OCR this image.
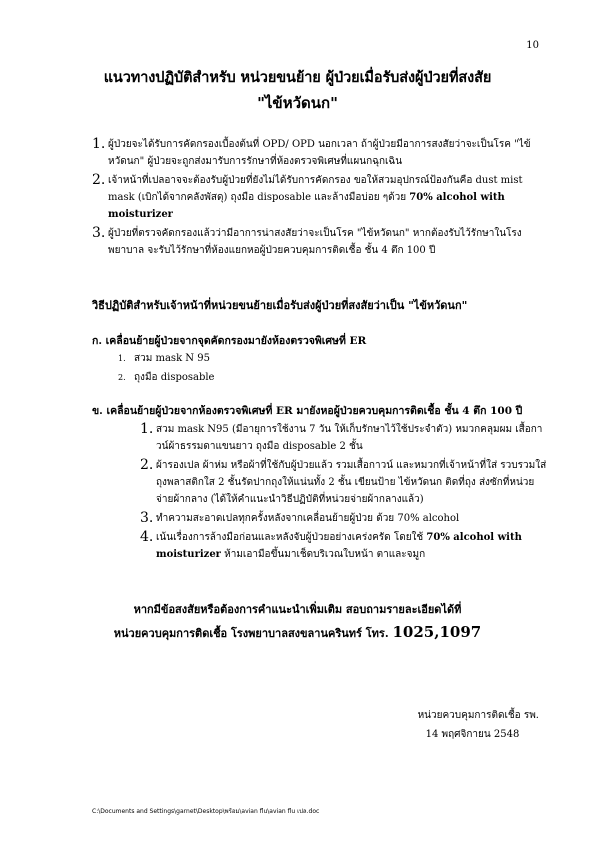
10
แนวทางปฏิบัติสำหรับ หน่วยขนย้าย ผู้ป่วยเมื่อรับส่งผู้ป่วยที่สงสัย
"ไข้หวัดนก"
1. ผู้ป่วยจะได้รับการคัดกรองเบื้องต้นที่ OPD/ OPD นอกเวลา ถ้าผู้ป่วยมีอาการสงสัยว่าจะเป็นโรค "ไข้หวัดนก" ผู้ป่วยจะถูกส่งมารับการรักษาที่ห้องตรวจพิเศษที่แผนกฉุกเฉิน
2. เจ้าหน้าที่เปลอาจจะต้องรับผู้ป่วยที่ยังไม่ได้รับการคัดกรอง ขอให้สวมอุปกรณ์ป้องกันคือ dust mist mask (เบิกได้จากคลังพัสดุ) ถุงมือ disposable และล้างมือบ่อย ๆด้วย 70% alcohol with moisturizer
3. ผู้ป่วยที่ตรวจคัดกรองแล้วว่ามีอาการน่าสงสัยว่าจะเป็นโรค "ไข้หวัดนก" หากต้องรับไว้รักษาในโรงพยาบาล จะรับไว้รักษาที่ห้องแยกหอผู้ป่วยควบคุมการติดเชื้อ ชั้น 4 ตึก 100 ปี
วิธีปฏิบัติสำหรับเจ้าหน้าที่หน่วยขนย้ายเมื่อรับส่งผู้ป่วยที่สงสัยว่าเป็น "ไข้หวัดนก"
ก. เคลื่อนย้ายผู้ป่วยจากจุดคัดกรองมายังห้องตรวจพิเศษที่ ER
1. สวม mask N 95
2. ถุงมือ disposable
ข. เคลื่อนย้ายผู้ป่วยจากห้องตรวจพิเศษที่ ER มายังหอผู้ป่วยควบคุมการติดเชื้อ ชั้น 4 ตึก 100 ปี
1. สวม mask N95 (มีอายุการใช้งาน 7 วัน ให้เก็บรักษาไว้ใช้ประจำตัว) หมวกคลุมผม เสื้อกาวน์ผ้าธรรมดาแขนยาว ถุงมือ disposable 2 ชั้น
2. ผ้ารองเปล ผ้าห่ม หรือผ้าที่ใช้กับผู้ป่วยแล้ว รวมเสื้อกาวน์ และหมวกที่เจ้าหน้าที่ใส่ รวบรวมใส่ถุงพลาสติกใส 2 ชั้นรัดปากถุงให้แน่นทั้ง 2 ชั้น เขียนป้าย ไข้หวัดนก ติดที่ถุง ส่งซักที่หน่วยจ่ายผ้ากลาง (ได้ให้คำแนะนำวิธีปฏิบัติที่หน่วยจ่ายผ้ากลางแล้ว)
3. ทำความสะอาดเปลทุกครั้งหลังจากเคลื่อนย้ายผู้ป่วย ด้วย 70% alcohol
4. เน้นเรื่องการล้างมือก่อนและหลังจับผู้ป่วยอย่างเคร่งครัด โดยใช้ 70% alcohol with moisturizer ห้ามเอามือขึ้นมาเช็ดบริเวณใบหน้า ตาและจมูก
หากมีข้อสงสัยหรือต้องการคำแนะนำเพิ่มเติม สอบถามรายละเอียดได้ที่
หน่วยควบคุมการติดเชื้อ โรงพยาบาลสงขลานครินทร์ โทร. 1025,1097
หน่วยควบคุมการติดเชื้อ รพ.
14 พฤศจิกายน 2548
C:\Documents and Settings\garnet\Desktop\พร้อม\avian flu\avian flu เปล.doc
